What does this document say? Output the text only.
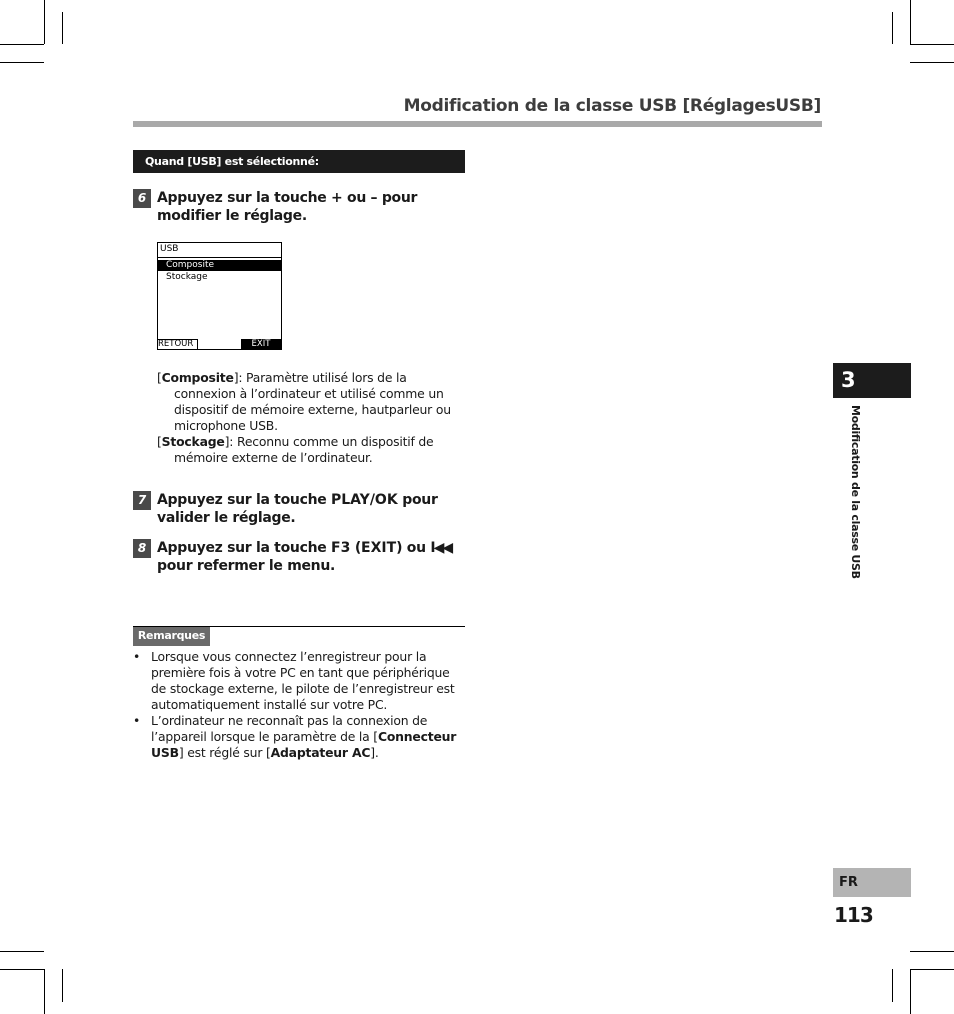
Modification de la classe USB [RéglagesUSB]
Quand [USB] est sélectionné:
6 Appuyez sur la touche + ou – pour modifier le réglage.
USB
Composite
Stockage
RETOUR	EXIT

[Composite]: Paramètre utilisé lors de la connexion à l’ordinateur et utilisé comme un dispositif de mémoire externe, hautparleur ou microphone USB.

[Stockage]: Reconnu comme un dispositif de mémoire externe de l’ordinateur.

7 Appuyez sur la touche PLAY/OK pour valider le réglage.
8 Appuyez sur la touche F3 (EXIT) ou I◀◀ pour refermer le menu.
Remarques
• Lorsque vous connectez l’enregistreur pour la première fois à votre PC en tant que périphérique de stockage externe, le pilote de l’enregistreur est automatiquement installé sur votre PC.
• L’ordinateur ne reconnaît pas la connexion de l’appareil lorsque le paramètre de la [Connecteur USB] est réglé sur [Adaptateur AC].
3
Modification de la classe USB
FR
113
